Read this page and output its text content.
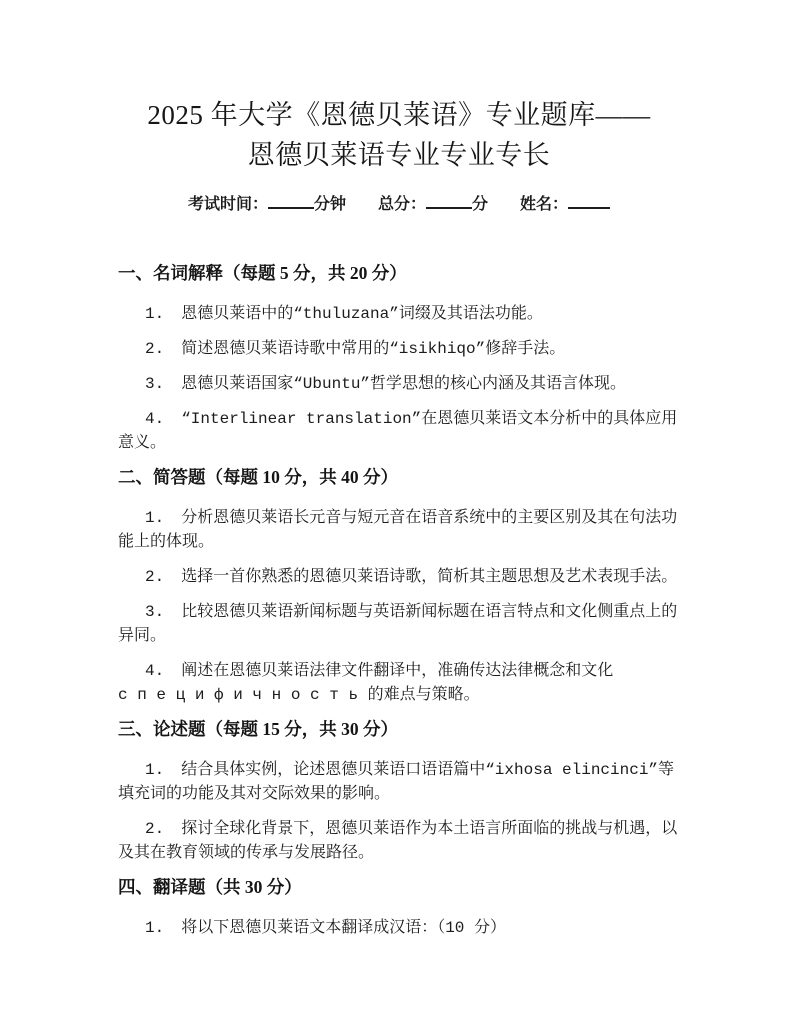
2025 年大学《恩德贝莱语》专业题库——
恩德贝莱语专业专业专长
考试时间：	分钟 总分：	分 姓名：
一、名词解释（每题 5 分，共 20 分）

1. 恩德贝莱语中的“thuluzana”词缀及其语法功能。

2. 简述恩德贝莱语诗歌中常用的“isikhiqo”修辞手法。

3. 恩德贝莱语国家“Ubuntu”哲学思想的核心内涵及其语言体现。

4. “Interlinear translation”在恩德贝莱语文本分析中的具体应用意义。

二、简答题（每题 10 分，共 40 分）

1. 分析恩德贝莱语长元音与短元音在语音系统中的主要区别及其在句法功能上的体现。

2. 选择一首你熟悉的恩德贝莱语诗歌，简析其主题思想及艺术表现手法。

3. 比较恩德贝莱语新闻标题与英语新闻标题在语言特点和文化侧重点上的异同。

4. 阐述在恩德贝莱语法律文件翻译中，准确传达法律概念和文化 с п е ц и ф и ч н о с т ь 的难点与策略。

三、论述题（每题 15 分，共 30 分）

1. 结合具体实例，论述恩德贝莱语口语语篇中“ixhosa elincinci”等填充词的功能及其对交际效果的影响。

2. 探讨全球化背景下，恩德贝莱语作为本土语言所面临的挑战与机遇，以及其在教育领域的传承与发展路径。

四、翻译题（共 30 分）

1. 将以下恩德贝莱语文本翻译成汉语：（10 分）
